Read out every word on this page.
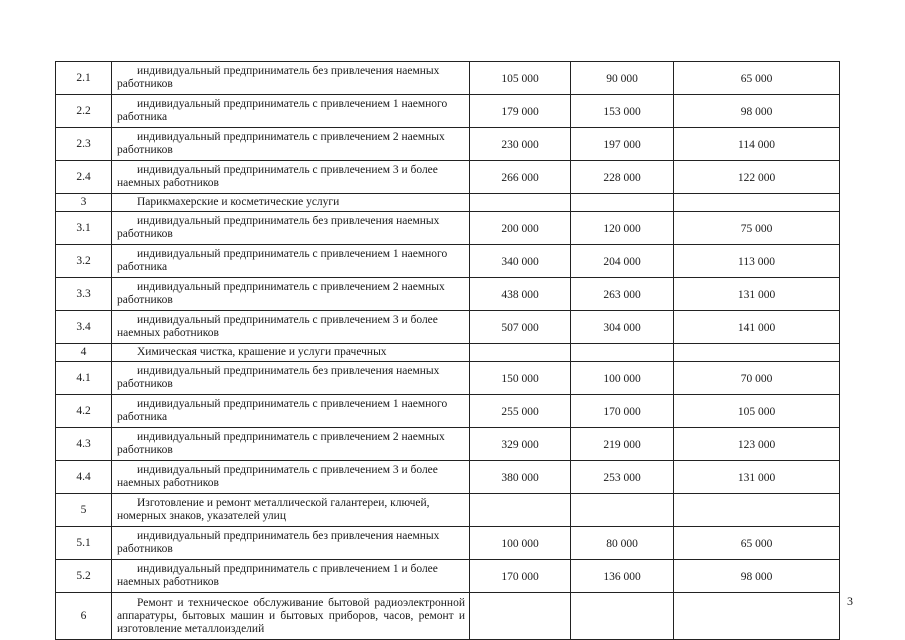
2.1	индивидуальный предприниматель без привлечения наемных работников	105 000	90 000	65 000
2.2	индивидуальный предприниматель с привлечением 1 наемного работника	179 000	153 000	98 000
2.3	индивидуальный предприниматель с привлечением 2 наемных работников	230 000	197 000	114 000
2.4	индивидуальный предприниматель с привлечением 3 и более наемных работников	266 000	228 000	122 000
3	Парикмахерские и косметические услуги			

3.1	индивидуальный предприниматель без привлечения наемных работников	200 000	120 000	75 000
3.2	индивидуальный предприниматель с привлечением 1 наемного работника	340 000	204 000	113 000
3.3	индивидуальный предприниматель с привлечением 2 наемных работников	438 000	263 000	131 000
3.4	индивидуальный предприниматель с привлечением 3 и более наемных работников	507 000	304 000	141 000
4	Химическая чистка, крашение и услуги прачечных			

4.1	индивидуальный предприниматель без привлечения наемных работников	150 000	100 000	70 000
4.2	индивидуальный предприниматель с привлечением 1 наемного работника	255 000	170 000	105 000
4.3	индивидуальный предприниматель с привлечением 2 наемных работников	329 000	219 000	123 000
4.4	индивидуальный предприниматель с привлечением 3 и более наемных работников	380 000	253 000	131 000
5	Изготовление и ремонт металлической галантереи, ключей, номерных знаков, указателей улиц			

5.1	индивидуальный предприниматель без привлечения наемных работников	100 000	80 000	65 000
5.2	индивидуальный предприниматель с привлечением 1 и более наемных работников	170 000	136 000	98 000
6	Ремонт и техническое обслуживание бытовой радиоэлектронной аппаратуры, бытовых машин и бытовых приборов, часов, ремонт и изготовление металлоизделий			

3
